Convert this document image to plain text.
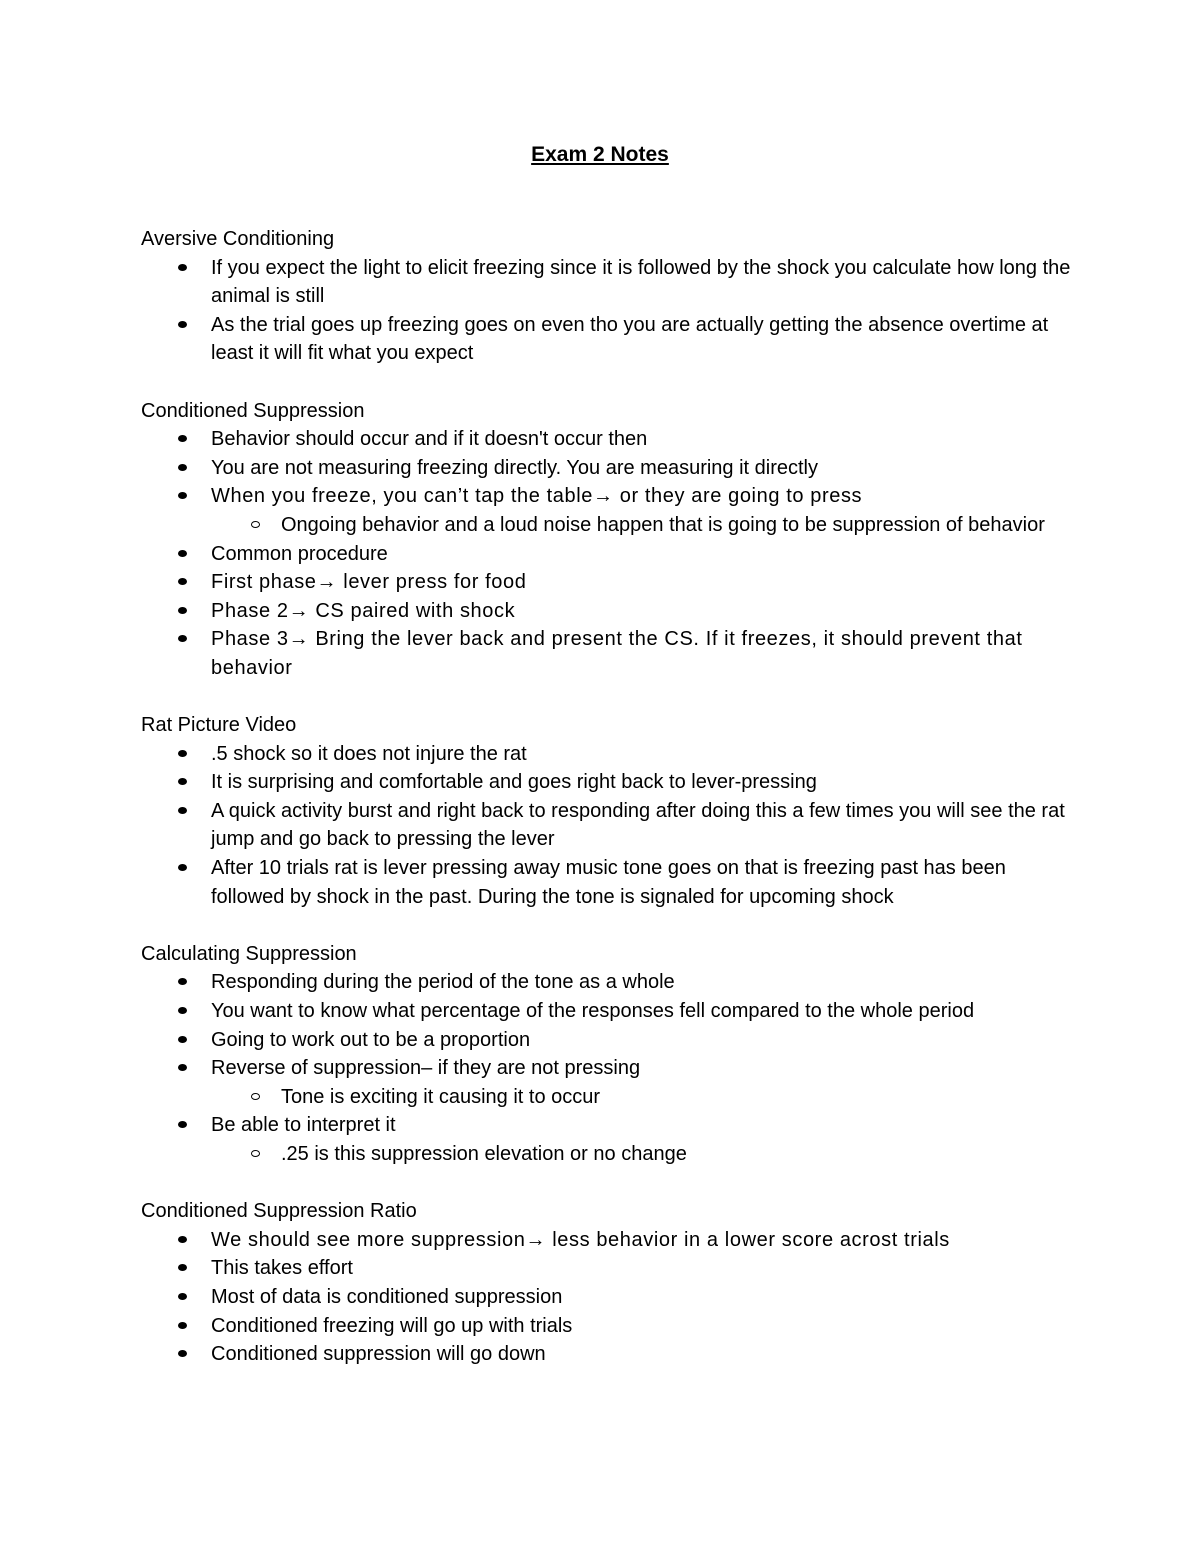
Exam 2 Notes
Aversive Conditioning
If you expect the light to elicit freezing since it is followed by the shock you calculate how long the animal is still
As the trial goes up freezing goes on even tho you are actually getting the absence overtime at least it will fit what you expect
Conditioned Suppression
Behavior should occur and if it doesn't occur then
You are not measuring freezing directly. You are measuring it directly
When you freeze, you can’t tap the table→ or they are going to press
Ongoing behavior and a loud noise happen that is going to be suppression of behavior
Common procedure
First phase→ lever press for food
Phase 2→ CS paired with shock
Phase 3→ Bring the lever back and present the CS. If it freezes, it should prevent that behavior
Rat Picture Video
.5 shock so it does not injure the rat
It is surprising and comfortable and goes right back to lever-pressing
A quick activity burst and right back to responding after doing this a few times you will see the rat jump and go back to pressing the lever
After 10 trials rat is lever pressing away music tone goes on that is freezing past has been followed by shock in the past. During the tone is signaled for upcoming shock
Calculating Suppression
Responding during the period of the tone as a whole
You want to know what percentage of the responses fell compared to the whole period
Going to work out to be a proportion
Reverse of suppression– if they are not pressing
Tone is exciting it causing it to occur
Be able to interpret it
.25 is this suppression elevation or no change
Conditioned Suppression Ratio
We should see more suppression→ less behavior in a lower score acrost trials
This takes effort
Most of data is conditioned suppression
Conditioned freezing will go up with trials
Conditioned suppression will go down
